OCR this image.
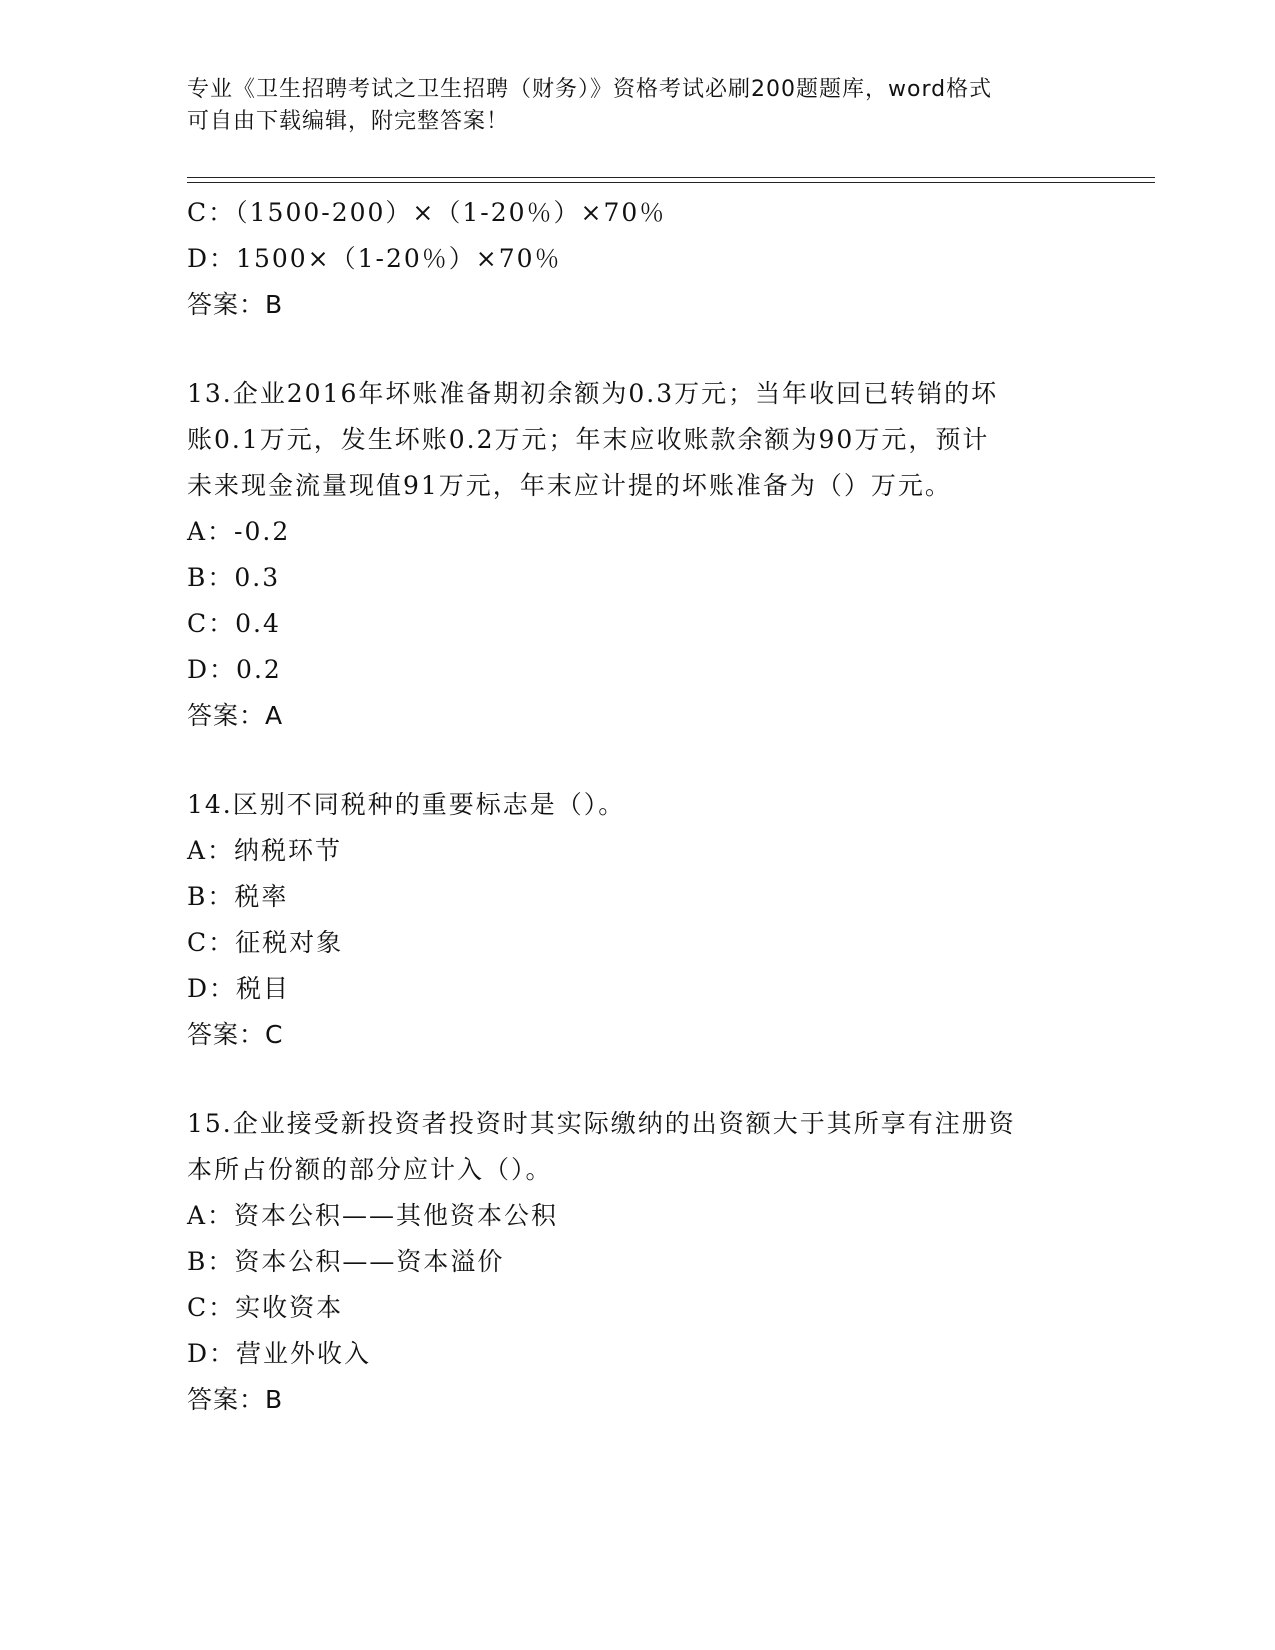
专业《卫生招聘考试之卫生招聘（财务）》资格考试必刷200题题库，word格式
可自由下载编辑，附完整答案！
C：（1500-200）×（1-20％）×70％
D：1500×（1-20％）×70％
答案：B
13.企业2016年坏账准备期初余额为0.3万元；当年收回已转销的坏
账0.1万元，发生坏账0.2万元；年末应收账款余额为90万元，预计
未来现金流量现值91万元，年末应计提的坏账准备为（）万元。
A：-0.2
B：0.3
C：0.4
D：0.2
答案：A
14.区别不同税种的重要标志是（）。
A：纳税环节
B：税率
C：征税对象
D：税目
答案：C
15.企业接受新投资者投资时其实际缴纳的出资额大于其所享有注册资
本所占份额的部分应计入（）。
A：资本公积——其他资本公积
B：资本公积——资本溢价
C：实收资本
D：营业外收入
答案：B
